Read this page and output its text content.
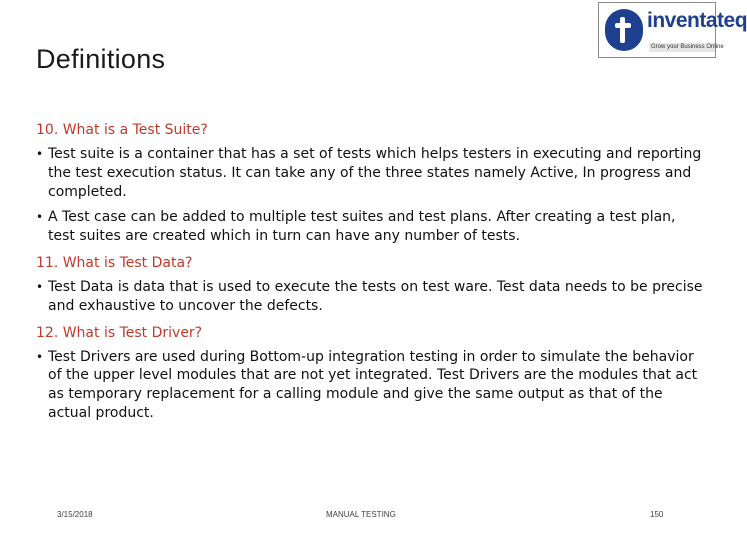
Definitions
inventateq
Grow your Business Online
10. What is a Test Suite?
• Test suite is a container that has a set of tests which helps testers in executing and reporting the test execution status. It can take any of the three states namely Active, In progress and completed.
• A Test case can be added to multiple test suites and test plans. After creating a test plan, test suites are created which in turn can have any number of tests.
11. What is Test Data?
• Test Data is data that is used to execute the tests on test ware. Test data needs to be precise and exhaustive to uncover the defects.
12. What is Test Driver?
• Test Drivers are used during Bottom-up integration testing in order to simulate the behavior of the upper level modules that are not yet integrated. Test Drivers are the modules that act as temporary replacement for a calling module and give the same output as that of the actual product.
3/15/2018	MANUAL TESTING	150
